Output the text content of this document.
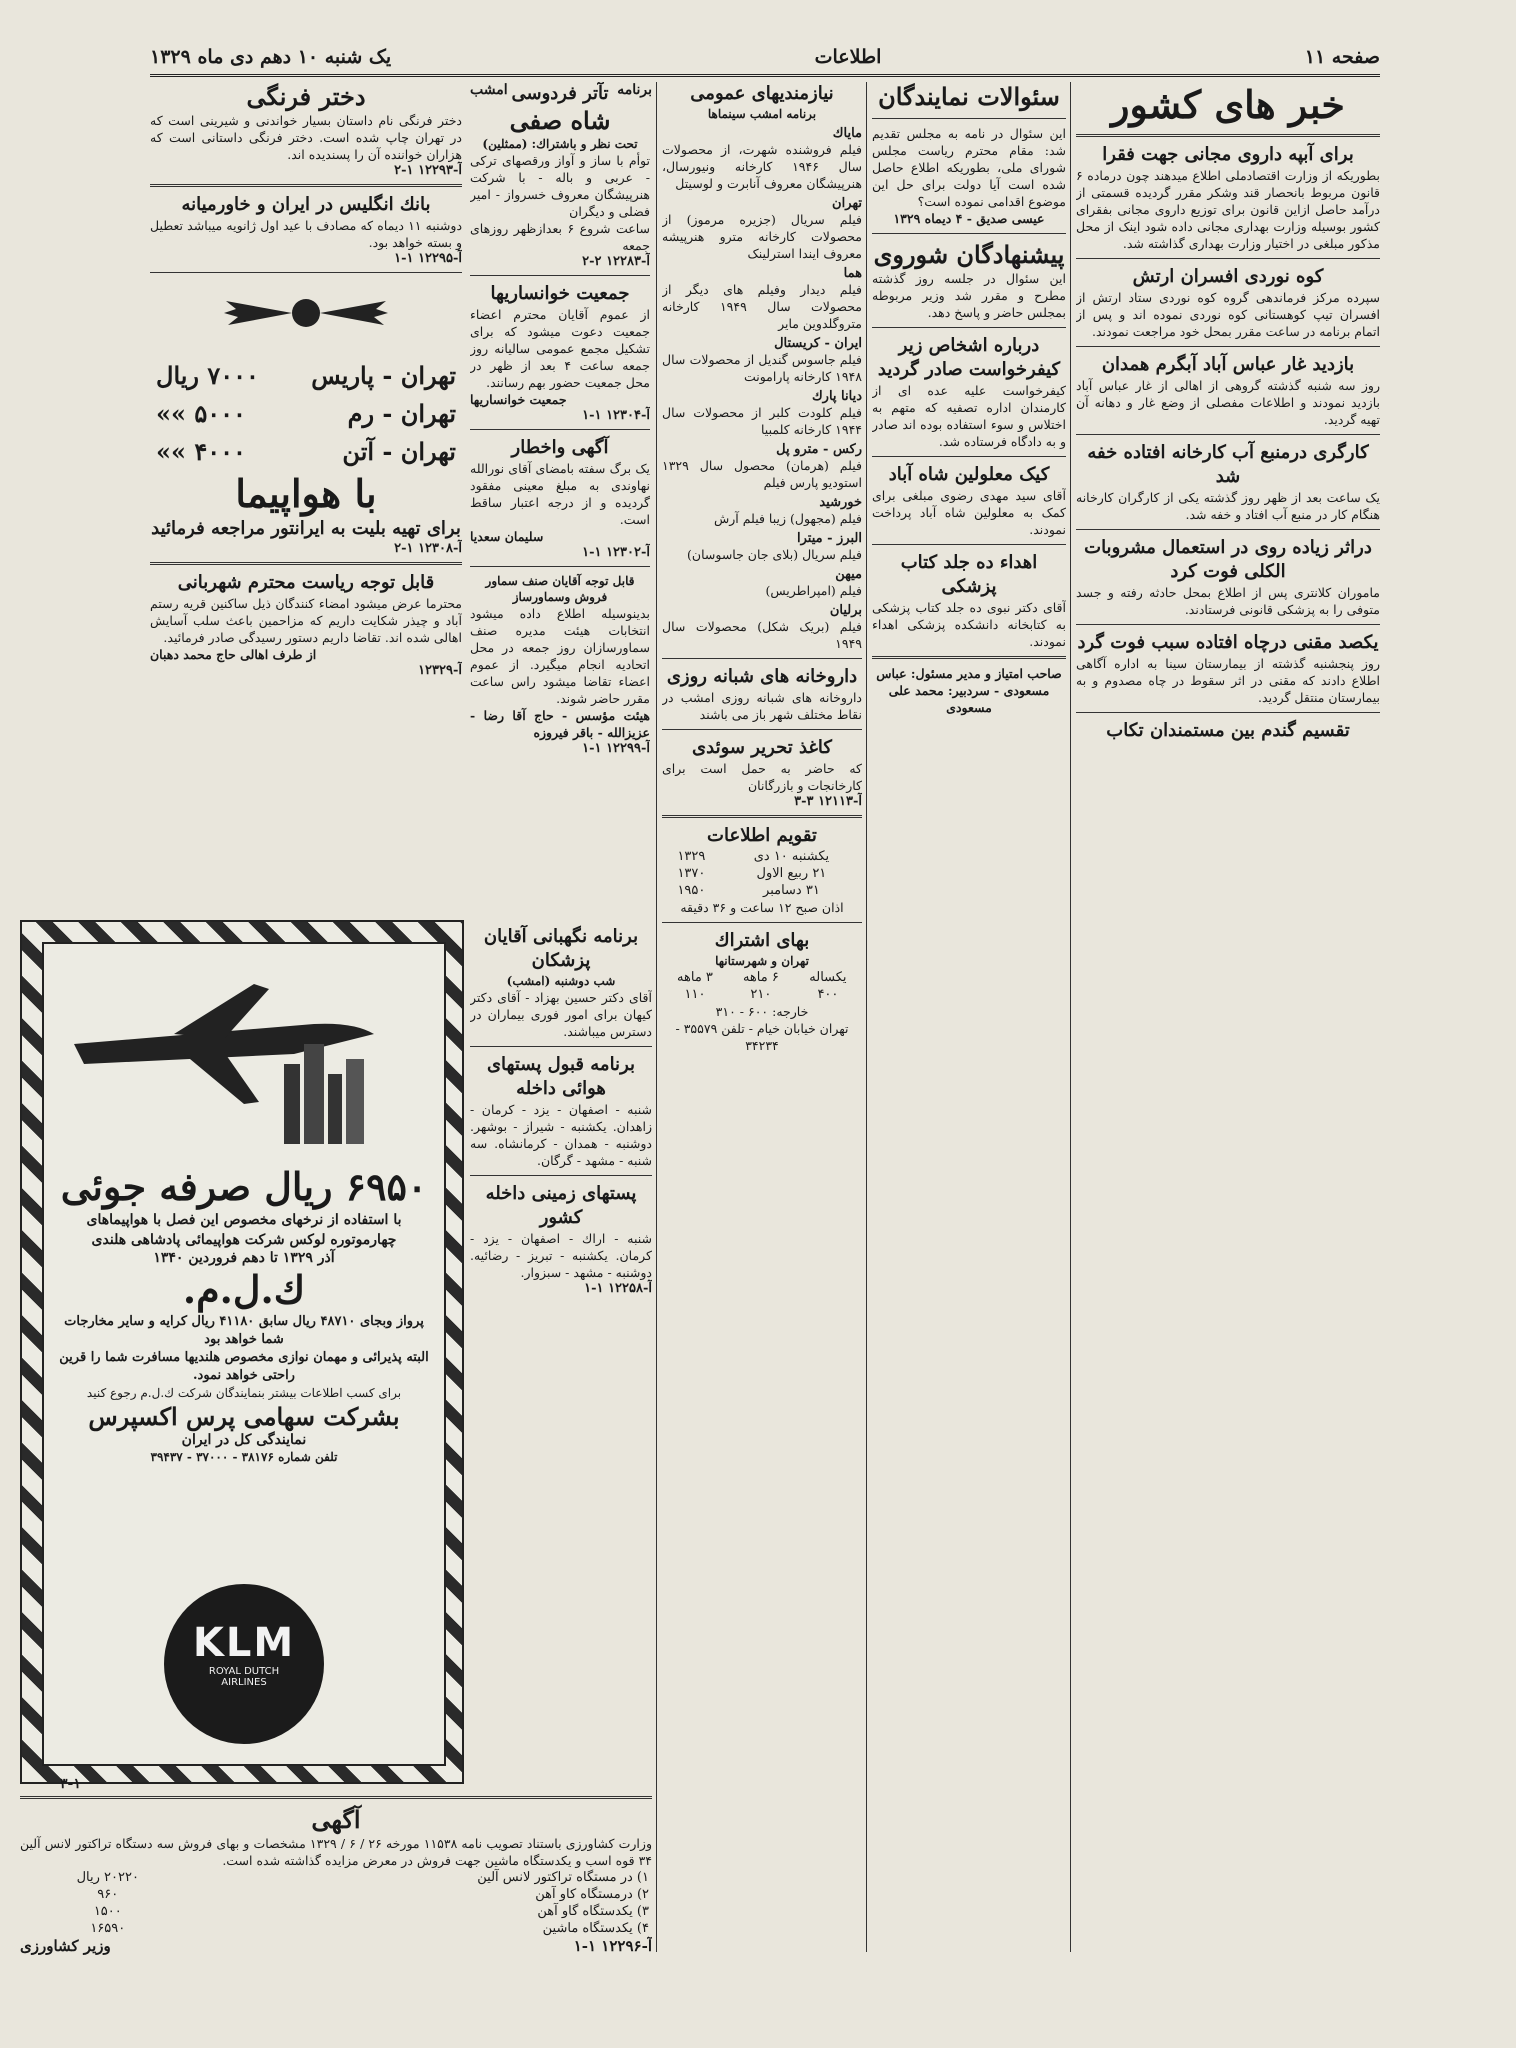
صفحه ۱۱
اطلاعات
یک شنبه ۱۰ دهم دی ماه ۱۳۲۹
خبر های کشور
برای آبپه داروی مجانی جهت فقرا

بطوریکه از وزارت اقتصادملی اطلاع میدهند چون درماده ۶ قانون مربوط بانحصار قند وشکر مقرر گردیده قسمتی از درآمد حاصل ازاین قانون برای توزیع داروی مجانی بفقرای کشور بوسیله وزارت بهداری مجانی داده شود اینک از محل مذکور مبلغی در اختیار وزارت بهداری گذاشته شد.

کوه نوردی افسران ارتش

سپرده مرکز فرماندهی گروه کوه نوردی ستاد ارتش از افسران تیپ کوهستانی کوه نوردی نموده اند و پس از اتمام برنامه در ساعت مقرر بمحل خود مراجعت نمودند.

بازدید غار عباس آباد آبگرم همدان

روز سه شنبه گذشته گروهی از اهالی از غار عباس آباد بازدید نمودند و اطلاعات مفصلی از وضع غار و دهانه آن تهیه گردید.

کارگری درمنبع آب کارخانه افتاده خفه شد

یک ساعت بعد از ظهر روز گذشته یکی از کارگران کارخانه هنگام کار در منبع آب افتاد و خفه شد.

دراثر زیاده روی در استعمال مشروبات الکلی فوت کرد

ماموران کلانتری پس از اطلاع بمحل حادثه رفته و جسد متوفی را به پزشکی قانونی فرستادند.

یکصد مقنی درچاه افتاده سبب فوت گرد

روز پنجشنبه گذشته از بیمارستان سینا به اداره آگاهی اطلاع دادند که مقنی در اثر سقوط در چاه مصدوم و به بیمارستان منتقل گردید.

تقسیم گندم بین مستمندان تکاب
سئوالات نمایندگان

این سئوال در نامه به مجلس تقدیم شد: مقام محترم ریاست مجلس شورای ملی، بطوریکه اطلاع حاصل شده است آیا دولت برای حل این موضوع اقدامی نموده است؟

عیسی صدیق - ۴ دیماه ۱۳۲۹

پیشنهادگان شوروی

این سئوال در جلسه روز گذشته مطرح و مقرر شد وزیر مربوطه بمجلس حاضر و پاسخ دهد.

درباره اشخاص زیر کیفرخواست صادر گردید

کیفرخواست علیه عده ای از کارمندان اداره تصفیه که متهم به اختلاس و سوء استفاده بوده اند صادر و به دادگاه فرستاده شد.

کیک معلولین شاه آباد

آقای سید مهدی رضوی مبلغی برای کمک به معلولین شاه آباد پرداخت نمودند.

اهداء ده جلد کتاب پزشکی

آقای دکتر نبوی ده جلد کتاب پزشکی به کتابخانه دانشکده پزشکی اهداء نمودند.

صاحب امتیاز و مدیر مسئول: عباس مسعودی - سردبیر: محمد علی مسعودی

نیازمندیهای عمومی
برنامه امشب سینماها
ماياك

فیلم فروشنده شهرت، از محصولات سال ۱۹۴۶ کارخانه ونیورسال، هنرپیشگان معروف آنابرت و لوسیتل

تهران

فیلم سریال (جزیره مرموز) از محصولات کارخانه مترو هنرپیشه معروف ایندا استرلینک

هما

فیلم دیدار وفیلم های دیگر از محصولات سال ۱۹۴۹ کارخانه متروگلدوین مایر

ایران - کریستال

فیلم جاسوس گندیل از محصولات سال ۱۹۴۸ کارخانه پارامونت

دیانا پارك

فیلم کلودت کلبر از محصولات سال ۱۹۴۴ کارخانه کلمبیا

ركس - مترو پل

فیلم (هرمان) محصول سال ۱۳۲۹ استودیو پارس فیلم

خورشید

فیلم (مجهول) زیبا فیلم آرش

البرز - میترا

فیلم سریال (بلای جان جاسوسان)

میهن

فیلم (امپراطریس)

برلیان

فیلم (بریک شکل) محصولات سال ۱۹۴۹

داروخانه های شبانه روزی

داروخانه های شبانه روزی امشب در نقاط مختلف شهر باز می باشند

کاغذ تحریر سوئدی

که حاضر به حمل است برای کارخانجات و بازرگانان

آ-۱۲۱۱۳ ۳-۳
تقویم اطلاعات
یکشنبه ۱۰ دی	۱۳۲۹
۲۱ ربیع الاول	۱۳۷۰
۳۱ دسامبر	۱۹۵۰

اذان صبح ۱۲ ساعت و ۳۶ دقیقه

بهای اشتراك
تهران و شهرستانها
یکساله	۶ ماهه	۳ ماهه
۴۰۰	۲۱۰	۱۱۰

خارجه: ۶۰۰ - ۳۱۰

تهران خیابان خیام - تلفن ۳۵۵۷۹ - ۳۴۲۳۴

برنامه
امشب تآتر فردوسی
شاه صفی
تحت نظر و باشتراك: (ممثلین)

توأم با ساز و آواز ورقصهای ترکی - عربی و باله - با شرکت هنرپیشگان معروف خسرواز - امیر فضلی و دیگران

ساعت شروع ۶ بعدازظهر روزهای جمعه

آ-۱۲۲۸۳ ۲-۲
جمعیت خوانساریها

از عموم آقایان محترم اعضاء جمعیت دعوت میشود که برای تشکیل مجمع عمومی سالیانه روز جمعه ساعت ۴ بعد از ظهر در محل جمعیت حضور بهم رسانند.

جمعیت خوانساریها

آ-۱۲۳۰۴ ۱-۱
آگهی واخطار

یک برگ سفته بامضای آقای نورالله نهاوندی به مبلغ معینی مفقود گردیده و از درجه اعتبار ساقط است.

سلیمان سعدیا

آ-۱۲۳۰۲ ۱-۱
قابل توجه آقایان صنف سماور فروش وسماورساز

بدینوسیله اطلاع داده میشود انتخابات هیئت مدیره صنف سماورسازان روز جمعه در محل اتحادیه انجام میگیرد. از عموم اعضاء تقاضا میشود راس ساعت مقرر حاضر شوند.

هیئت مؤسس - حاج آقا رضا - عزیزالله - باقر فیروزه

آ-۱۲۲۹۹ ۱-۱
دختر فرنگی

دختر فرنگی نام داستان بسیار خواندنی و شیرینی است که در تهران چاپ شده است. دختر فرنگی داستانی است که هزاران خواننده آن را پسندیده اند.

آ-۱۲۲۹۳ ۱-۲
بانك انگليس در ايران و خاورميانه

دوشنبه ۱۱ دیماه که مصادف با عید اول ژانویه میباشد تعطیل و بسته خواهد بود.

آ-۱۲۲۹۵ ۱-۱
تهران - پاریس
۷۰۰۰ ریال
تهران - رم
۵۰۰۰ »»
تهران - آتن
۴۰۰۰ »»
با هواپیما
برای تهیه بلیت به ایرانتور مراجعه فرمائید
آ-۱۲۳۰۸ ۱-۲
قابل توجه ریاست محترم شهربانی

محترما عرض میشود امضاء کنندگان ذیل ساکنین قریه رستم آباد و چیذر شکایت داریم که مزاحمین باعث سلب آسایش اهالی شده اند. تقاضا داریم دستور رسیدگی صادر فرمائید.

از طرف اهالی حاج محمد دهبان

آ-۱۲۳۲۹
برنامه نگهبانی آقایان پزشکان
شب دوشنبه (امشب)

آقای دکتر حسین بهزاد - آقای دکتر کیهان برای امور فوری بیماران در دسترس میباشند.

برنامه قبول پستهای هوائی داخله

شنبه - اصفهان - یزد - کرمان - زاهدان. یکشنبه - شیراز - بوشهر. دوشنبه - همدان - کرمانشاه. سه شنبه - مشهد - گرگان.

پستهای زمینی داخله کشور

شنبه - اراك - اصفهان - یزد - کرمان. یکشنبه - تبریز - رضائیه. دوشنبه - مشهد - سبزوار.

آ-۱۲۲۵۸ ۱-۱
۶۹۵۰ ریال صرفه جوئی

با استفاده از نرخهای مخصوص این فصل با هواپیماهای چهارموتوره لوکس شرکت هواپیمائی پادشاهی هلندی

آذر ۱۳۲۹ تا دهم فروردین ۱۳۴۰

ك.ل.م.

پرواز وبجای ۴۸۷۱۰ ریال سابق ۴۱۱۸۰ ریال کرایه و سایر مخارجات شما خواهد بود

البته پذیرائی و مهمان نوازی مخصوص هلندیها مسافرت شما را قرین راحتی خواهد نمود.

برای کسب اطلاعات بیشتر بنمایندگان شرکت ك.ل.م رجوع کنید

بشرکت سهامی پرس اکسپرس

نمایندگی کل در ایران

تلفن شماره ۳۸۱۷۶ - ۳۷۰۰۰ - ۳۹۴۳۷

KLM
ROYAL DUTCH
AIRLINES
آگهی

وزارت کشاورزی باستناد تصویب نامه ۱۱۵۳۸ مورخه ۲۶ / ۶ / ۱۳۲۹ مشخصات و بهای فروش سه دستگاه تراکتور لانس آلین ۳۴ قوه اسب و یکدستگاه ماشین جهت فروش در معرض مزایده گذاشته شده است.

۱) در مستگاه تراکتور لانس آلین	۲۰۲۲۰ ریال
۲) درمستگاه کاو آهن	۹۶۰
۳) یکدستگاه گاو آهن	۱۵۰۰
۴) یکدستگاه ماشین	۱۶۵۹۰
آ-۱۲۲۹۶ ۱-۱
وزیر کشاورزی
۳-۱
